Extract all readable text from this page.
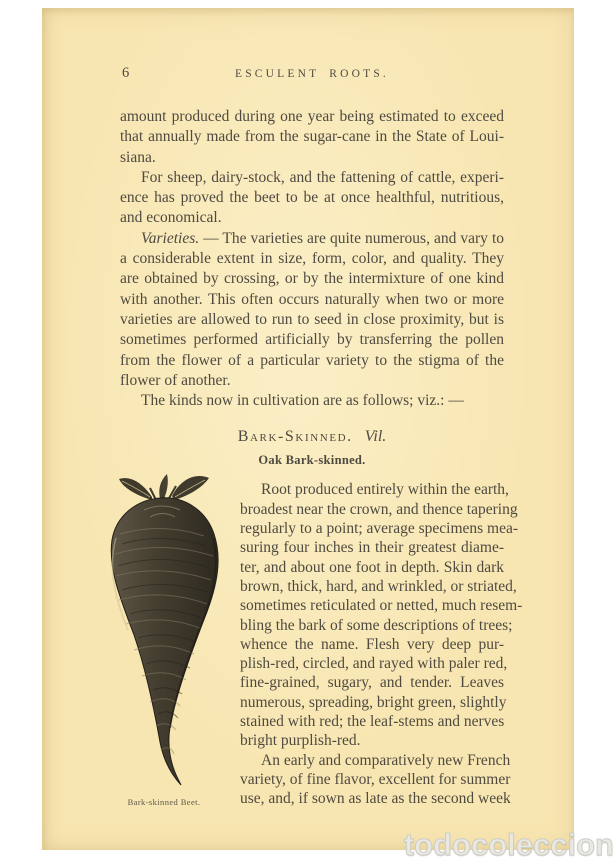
6	ESCULENT ROOTS.
amount produced during one year being estimated to exceed
that annually made from the sugar-cane in the State of Loui-
siana.
For sheep, dairy-stock, and the fattening of cattle, experi-
ence has proved the beet to be at once healthful, nutritious,
and economical.
Varieties. — The varieties are quite numerous, and vary to
a considerable extent in size, form, color, and quality. They
are obtained by crossing, or by the intermixture of one kind
with another. This often occurs naturally when two or more
varieties are allowed to run to seed in close proximity, but is
sometimes performed artificially by transferring the pollen
from the flower of a particular variety to the stigma of the
flower of another.
The kinds now in cultivation are as follows; viz.: —
Bark-Skinned. Vil.
Oak Bark-skinned.
Bark-skinned Beet.
Root produced entirely within the earth,
broadest near the crown, and thence tapering
regularly to a point; average specimens mea-
suring four inches in their greatest diame-
ter, and about one foot in depth. Skin dark
brown, thick, hard, and wrinkled, or striated,
sometimes reticulated or netted, much resem-
bling the bark of some descriptions of trees;
whence the name. Flesh very deep pur-
plish-red, circled, and rayed with paler red,
fine-grained, sugary, and tender. Leaves
numerous, spreading, bright green, slightly
stained with red; the leaf-stems and nerves
bright purplish-red.
An early and comparatively new French
variety, of fine flavor, excellent for summer
use, and, if sown as late as the second week
todocoleccion
